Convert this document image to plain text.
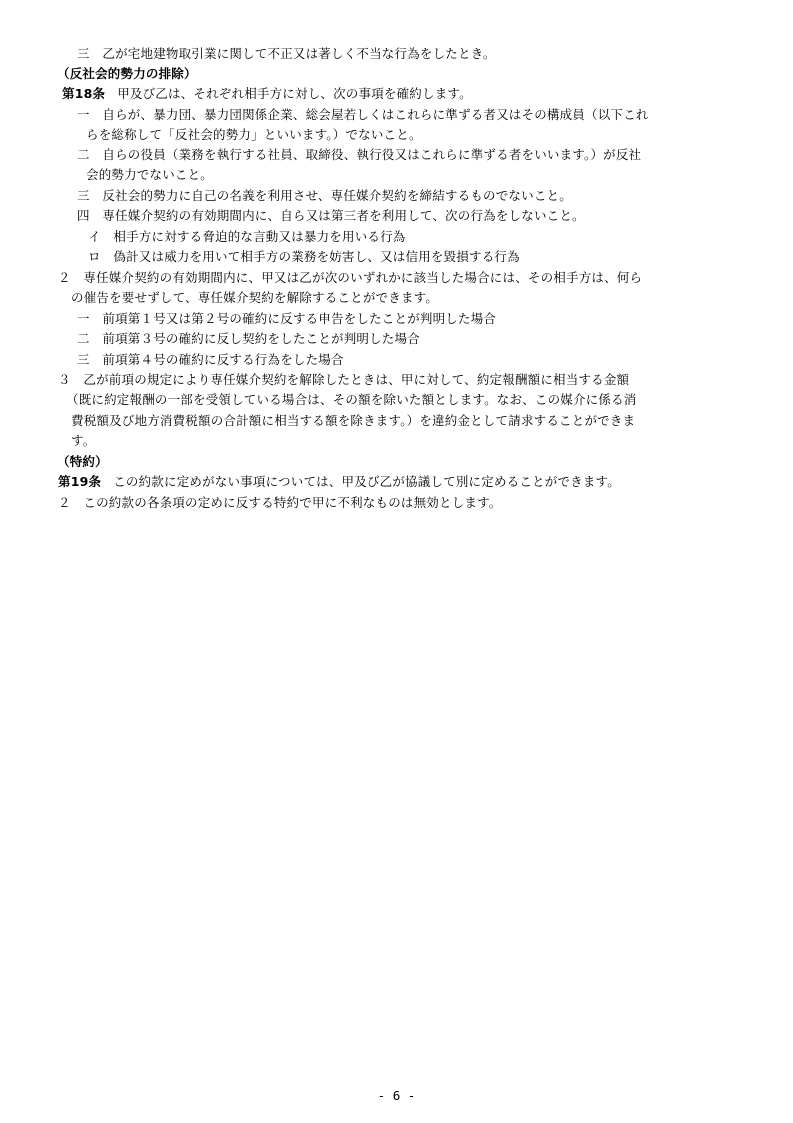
三　乙が宅地建物取引業に関して不正又は著しく不当な行為をしたとき。
（反社会的勢力の排除）
第18条 甲及び乙は、それぞれ相手方に対し、次の事項を確約します。
一　自らが、暴力団、暴力団関係企業、総会屋若しくはこれらに準ずる者又はその構成員（以下これ
らを総称して「反社会的勢力」といいます。）でないこと。
二　自らの役員（業務を執行する社員、取締役、執行役又はこれらに準ずる者をいいます。）が反社
会的勢力でないこと。
三　反社会的勢力に自己の名義を利用させ、専任媒介契約を締結するものでないこと。
四　専任媒介契約の有効期間内に、自ら又は第三者を利用して、次の行為をしないこと。
イ　相手方に対する脅迫的な言動又は暴力を用いる行為
ロ　偽計又は威力を用いて相手方の業務を妨害し、又は信用を毀損する行為
２　専任媒介契約の有効期間内に、甲又は乙が次のいずれかに該当した場合には、その相手方は、何ら
の催告を要せずして、専任媒介契約を解除することができます。
一　前項第１号又は第２号の確約に反する申告をしたことが判明した場合
二　前項第３号の確約に反し契約をしたことが判明した場合
三　前項第４号の確約に反する行為をした場合
３　乙が前項の規定により専任媒介契約を解除したときは、甲に対して、約定報酬額に相当する金額
（既に約定報酬の一部を受領している場合は、その額を除いた額とします。なお、この媒介に係る消
費税額及び地方消費税額の合計額に相当する額を除きます。）を違約金として請求することができま
す。
（特約）
第19条 この約款に定めがない事項については、甲及び乙が協議して別に定めることができます。
２　この約款の各条項の定めに反する特約で甲に不利なものは無効とします。
- 6 -
